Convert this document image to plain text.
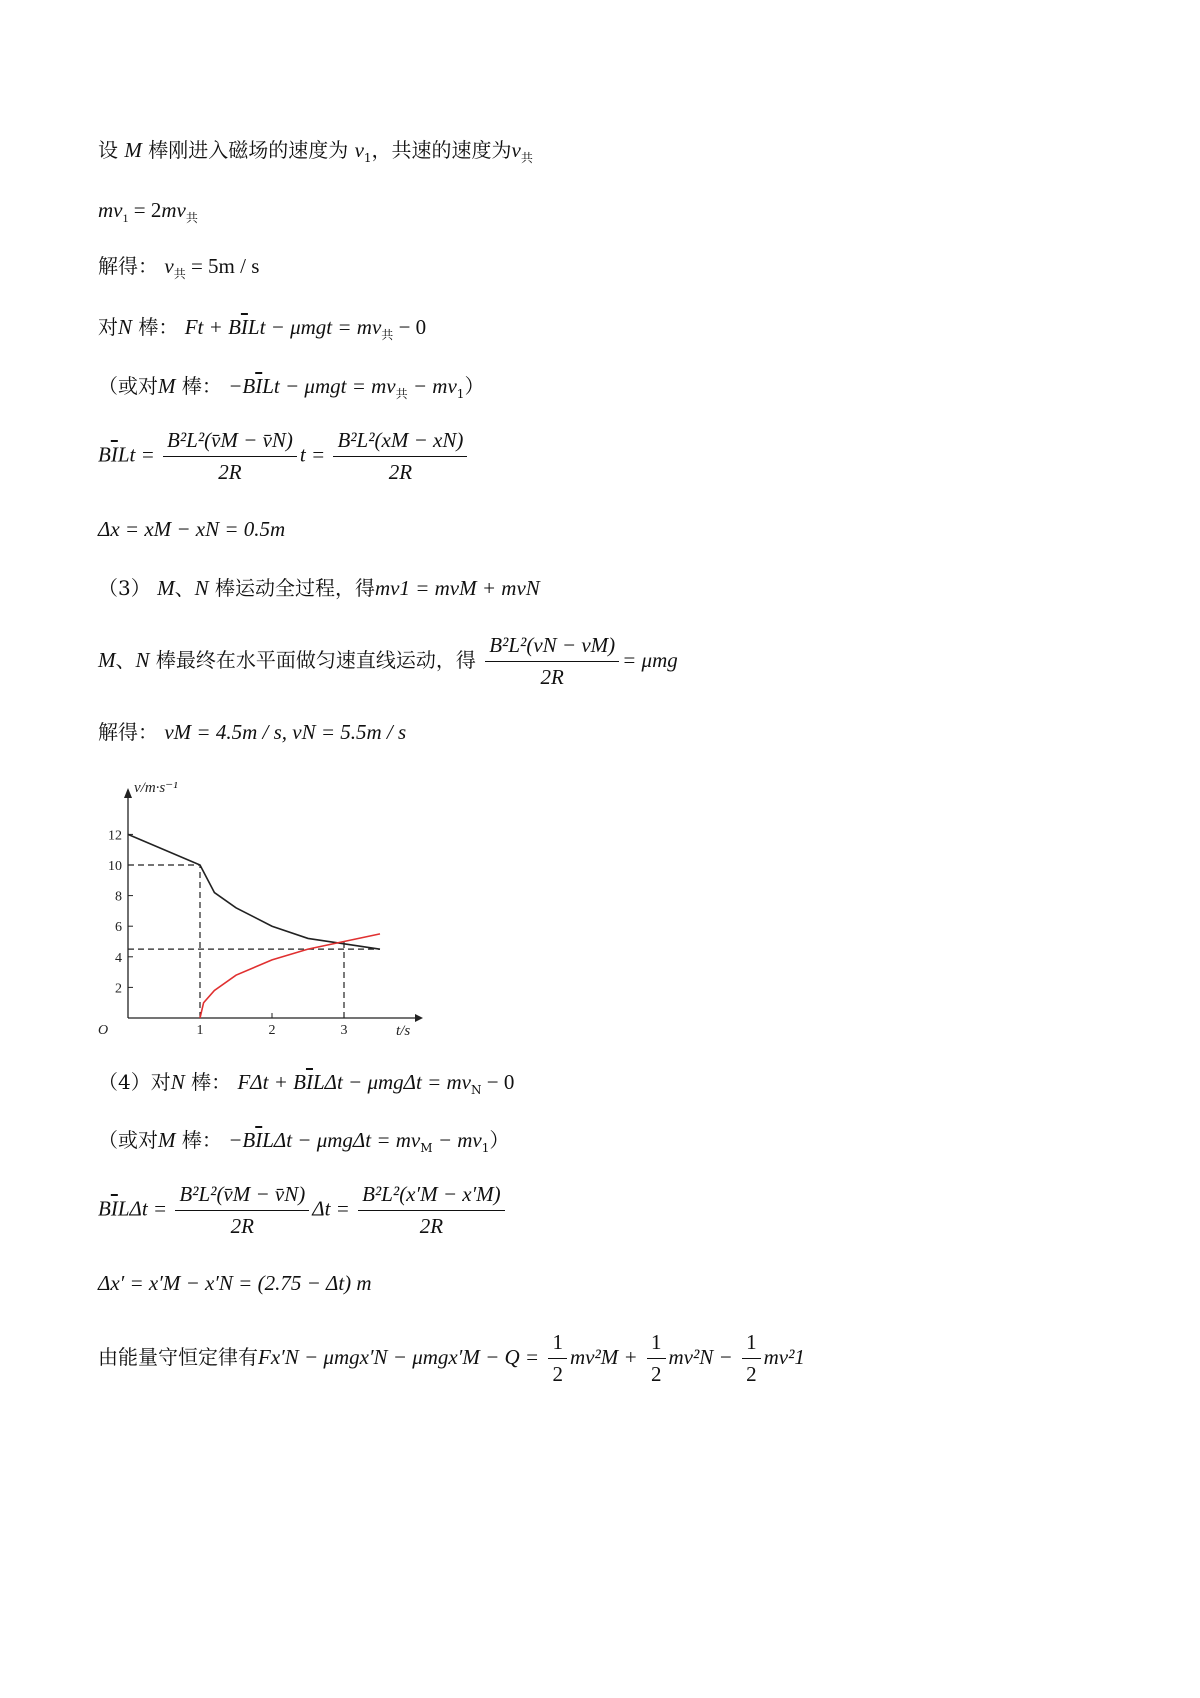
设 M 棒刚进入磁场的速度为 $v_1$，共速的速度为$v_共$
$mv_1 = 2mv_共$
解得： $v_共 = 5m / s$
对N 棒： $Ft + B\overline{I}Lt - \mu mgt = mv_共 - 0$
（或对M 棒： $-B\overline{I}Lt - \mu mgt = mv_共 - mv_1$）
$B\overline{I}Lt = \frac{\text{B²L²(v̄M − v̄N)}}{2R}$ $t = \frac{\text{B²L²(xM − xN)}}{2R}$
Δx = xM − xN = 0.5m
（3） M、N 棒运动全过程，得mv1 = mvM + mvN
M、N 棒最终在水平面做匀速直线运动，得 $\frac{\text{B²L²(vN − vM)}}{2R} = \mu mg$
解得： vM = 4.5m / s, vN = 5.5m / s
v/m·s⁻¹
t/s
O
2
4
6
8
10
12
1	2	3
（4）对N 棒： $F\Delta t + B\overline{I}L\Delta t - \mu mg\Delta t = mv_N - 0$
（或对M 棒： $-B\overline{I}L\Delta t - \mu mg\Delta t = mv_M - mv_1$）
$B\overline{I}L\Delta t = \frac{\text{B²L²(v̄M − v̄N)}}{2R}$ $\Delta t = \frac{\text{B²L²(x′M − x′M)}}{2R}$
Δx′ = x′M − x′N = (2.75 − Δt) m
由能量守恒定律有$Fx'N - \mu mgx'N - \mu mgx'M - Q = \frac{1}{2} mv^2M + \frac{1}{2} mv^2N - \frac{1}{2} mv^21$
